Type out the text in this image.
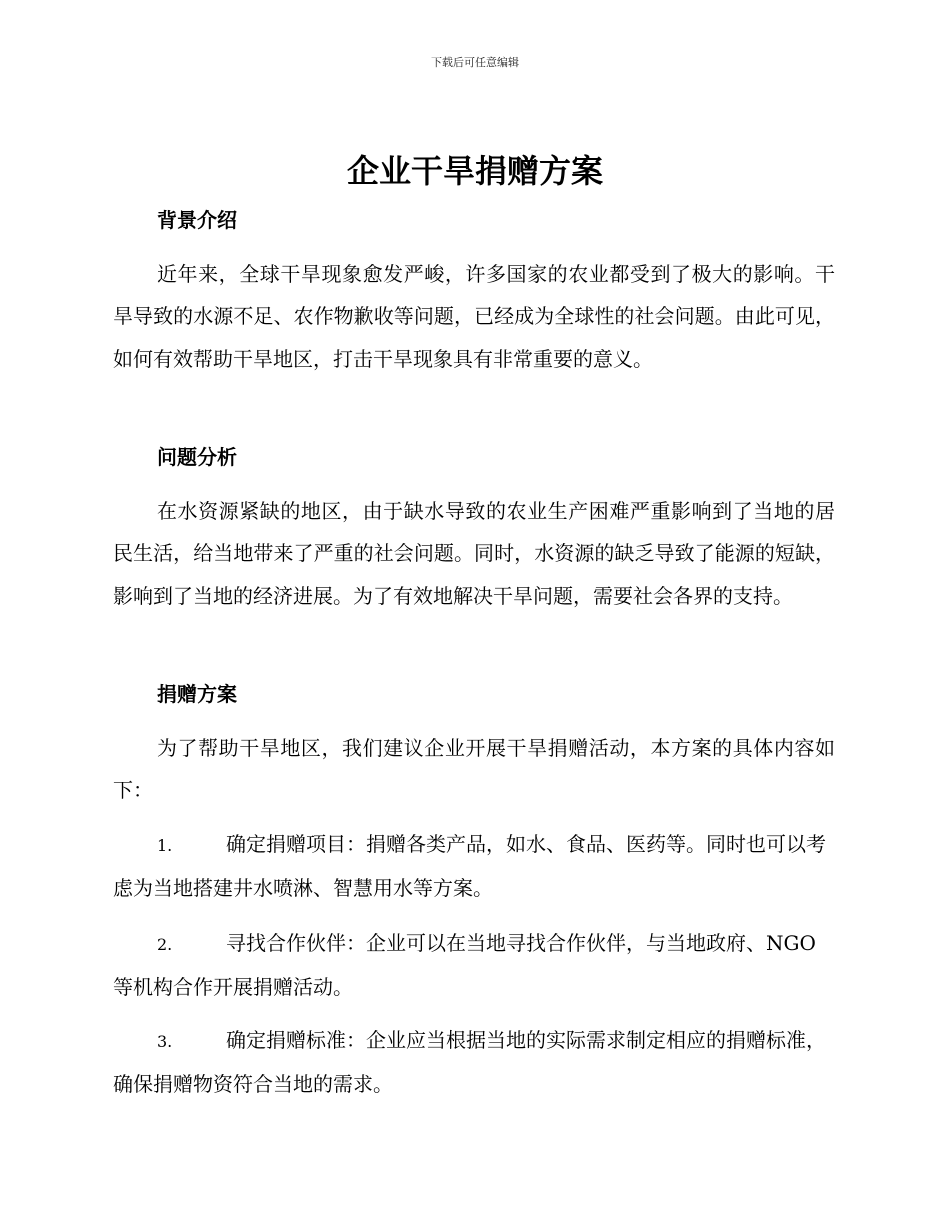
下载后可任意编辑
企业干旱捐赠方案
背景介绍

近年来，全球干旱现象愈发严峻，许多国家的农业都受到了极大的影响。干旱导致的水源不足、农作物歉收等问题，已经成为全球性的社会问题。由此可见，如何有效帮助干旱地区，打击干旱现象具有非常重要的意义。

问题分析

在水资源紧缺的地区，由于缺水导致的农业生产困难严重影响到了当地的居民生活，给当地带来了严重的社会问题。同时，水资源的缺乏导致了能源的短缺，影响到了当地的经济进展。为了有效地解决干旱问题，需要社会各界的支持。

捐赠方案

为了帮助干旱地区，我们建议企业开展干旱捐赠活动，本方案的具体内容如下：

1.	确定捐赠项目：捐赠各类产品，如水、食品、医药等。同时也可以考虑为当地搭建井水喷淋、智慧用水等方案。

2.	寻找合作伙伴：企业可以在当地寻找合作伙伴，与当地政府、NGO等机构合作开展捐赠活动。

3.	确定捐赠标准：企业应当根据当地的实际需求制定相应的捐赠标准，确保捐赠物资符合当地的需求。
